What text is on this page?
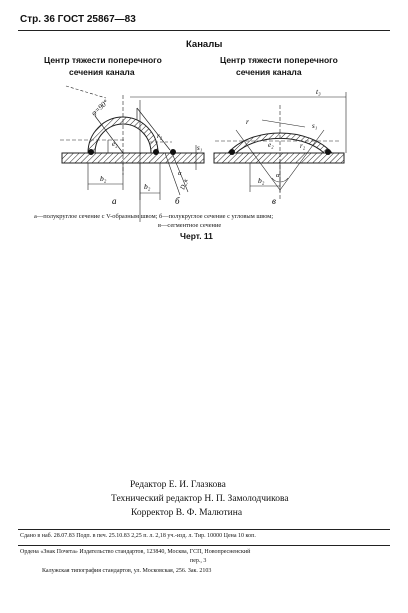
Стр. 36 ГОСТ 25867—83
Каналы
Центр тяжести поперечного
сечения канала
Центр тяжести поперечного
сечения канала
φ=90°
e₂
r₂
s₁
b₂
b₂	D_к
α
t₃
r	s₁
e₂	r₂
α
b₂
а	б	в
а—полукруглое сечение с V-образным швом; б—полукруглое сечение с угловым швом;
в—сегментное сечение
Черт. 11
Редактор Е. И. Глазкова
Технический редактор Н. П. Замолодчикова
Корректор В. Ф. Малютина
Сдано в наб. 28.07.83 Подп. в печ. 25.10.83 2,25 п. л. 2,18 уч.-изд. л. Тир. 10000 Цена 10 коп.
Ордена «Знак Почета» Издательство стандартов, 123840, Москва, ГСП, Новопресненский
пер., 3
Калужская типография стандартов, ул. Московская, 256. Зак. 2103
